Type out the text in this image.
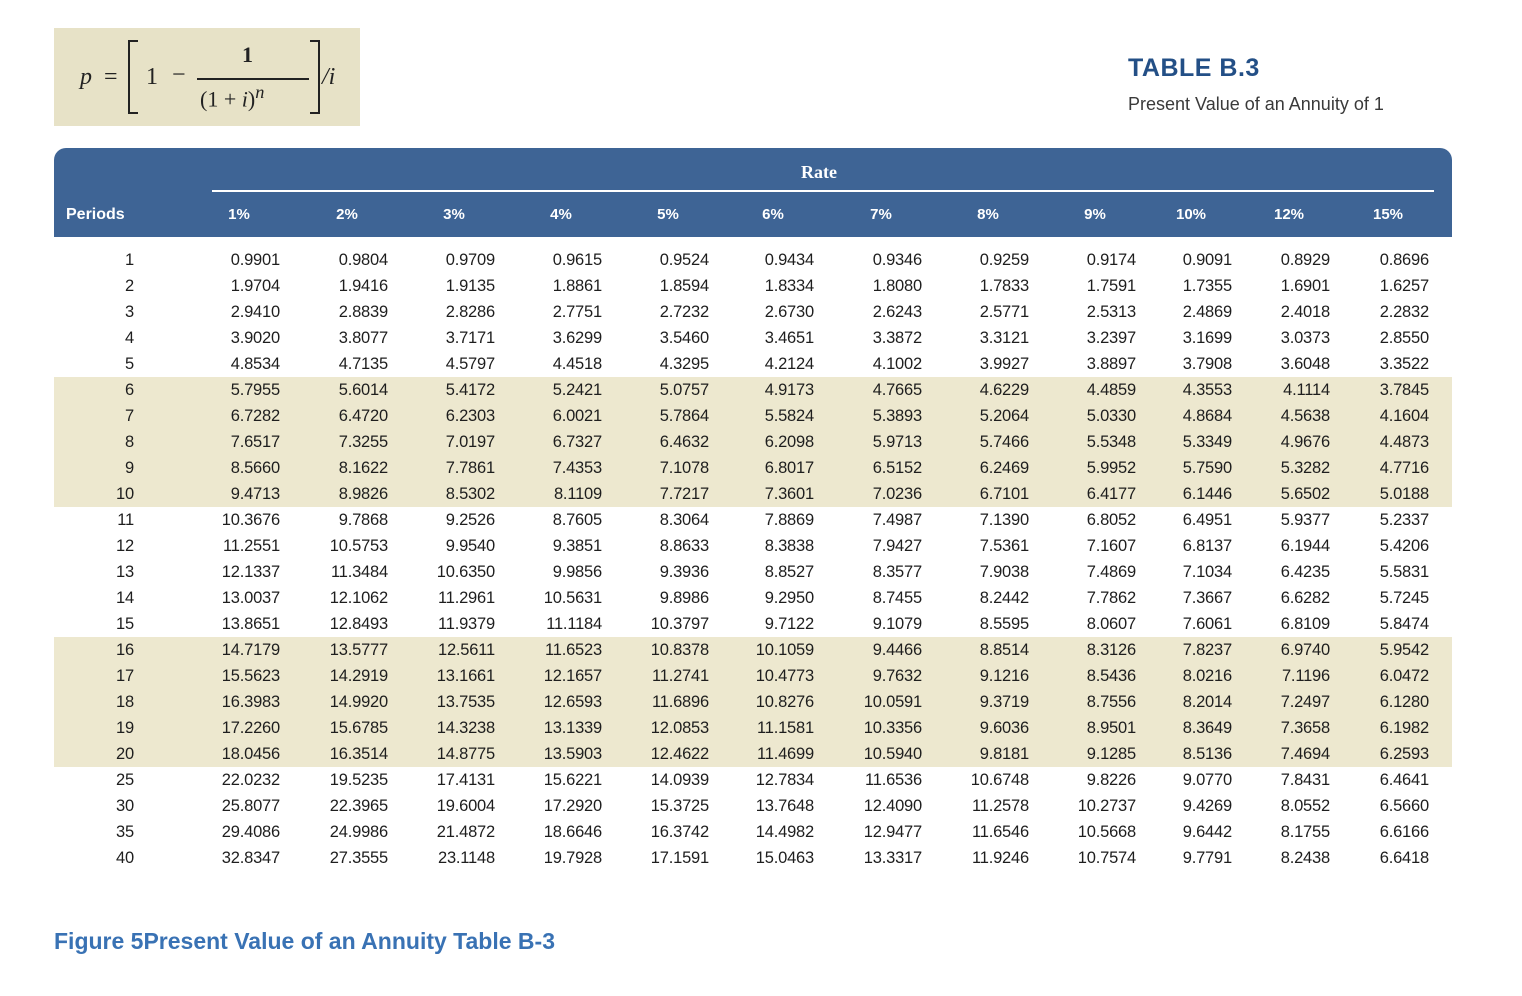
p = 1 −
1
$(1 + i)^n$
/i	TABLE B.3
Present Value of an Annuity of 1
Rate
Periods	1%	2%	3%	4%	5%	6%	7%	8%	9%	10%	12%	15%
1	0.9901	0.9804	0.9709	0.9615	0.9524	0.9434	0.9346	0.9259	0.9174	0.9091	0.8929	0.8696
2	1.9704	1.9416	1.9135	1.8861	1.8594	1.8334	1.8080	1.7833	1.7591	1.7355	1.6901	1.6257
3	2.9410	2.8839	2.8286	2.7751	2.7232	2.6730	2.6243	2.5771	2.5313	2.4869	2.4018	2.2832
4	3.9020	3.8077	3.7171	3.6299	3.5460	3.4651	3.3872	3.3121	3.2397	3.1699	3.0373	2.8550
5	4.8534	4.7135	4.5797	4.4518	4.3295	4.2124	4.1002	3.9927	3.8897	3.7908	3.6048	3.3522
6	5.7955	5.6014	5.4172	5.2421	5.0757	4.9173	4.7665	4.6229	4.4859	4.3553	4.1114	3.7845
7	6.7282	6.4720	6.2303	6.0021	5.7864	5.5824	5.3893	5.2064	5.0330	4.8684	4.5638	4.1604
8	7.6517	7.3255	7.0197	6.7327	6.4632	6.2098	5.9713	5.7466	5.5348	5.3349	4.9676	4.4873
9	8.5660	8.1622	7.7861	7.4353	7.1078	6.8017	6.5152	6.2469	5.9952	5.7590	5.3282	4.7716
10	9.4713	8.9826	8.5302	8.1109	7.7217	7.3601	7.0236	6.7101	6.4177	6.1446	5.6502	5.0188
11	10.3676	9.7868	9.2526	8.7605	8.3064	7.8869	7.4987	7.1390	6.8052	6.4951	5.9377	5.2337
12	11.2551	10.5753	9.9540	9.3851	8.8633	8.3838	7.9427	7.5361	7.1607	6.8137	6.1944	5.4206
13	12.1337	11.3484	10.6350	9.9856	9.3936	8.8527	8.3577	7.9038	7.4869	7.1034	6.4235	5.5831
14	13.0037	12.1062	11.2961	10.5631	9.8986	9.2950	8.7455	8.2442	7.7862	7.3667	6.6282	5.7245
15	13.8651	12.8493	11.9379	11.1184	10.3797	9.7122	9.1079	8.5595	8.0607	7.6061	6.8109	5.8474
16	14.7179	13.5777	12.5611	11.6523	10.8378	10.1059	9.4466	8.8514	8.3126	7.8237	6.9740	5.9542
17	15.5623	14.2919	13.1661	12.1657	11.2741	10.4773	9.7632	9.1216	8.5436	8.0216	7.1196	6.0472
18	16.3983	14.9920	13.7535	12.6593	11.6896	10.8276	10.0591	9.3719	8.7556	8.2014	7.2497	6.1280
19	17.2260	15.6785	14.3238	13.1339	12.0853	11.1581	10.3356	9.6036	8.9501	8.3649	7.3658	6.1982
20	18.0456	16.3514	14.8775	13.5903	12.4622	11.4699	10.5940	9.8181	9.1285	8.5136	7.4694	6.2593
25	22.0232	19.5235	17.4131	15.6221	14.0939	12.7834	11.6536	10.6748	9.8226	9.0770	7.8431	6.4641
30	25.8077	22.3965	19.6004	17.2920	15.3725	13.7648	12.4090	11.2578	10.2737	9.4269	8.0552	6.5660
35	29.4086	24.9986	21.4872	18.6646	16.3742	14.4982	12.9477	11.6546	10.5668	9.6442	8.1755	6.6166
40	32.8347	27.3555	23.1148	19.7928	17.1591	15.0463	13.3317	11.9246	10.7574	9.7791	8.2438	6.6418
Figure 5Present Value of an Annuity Table B-3
